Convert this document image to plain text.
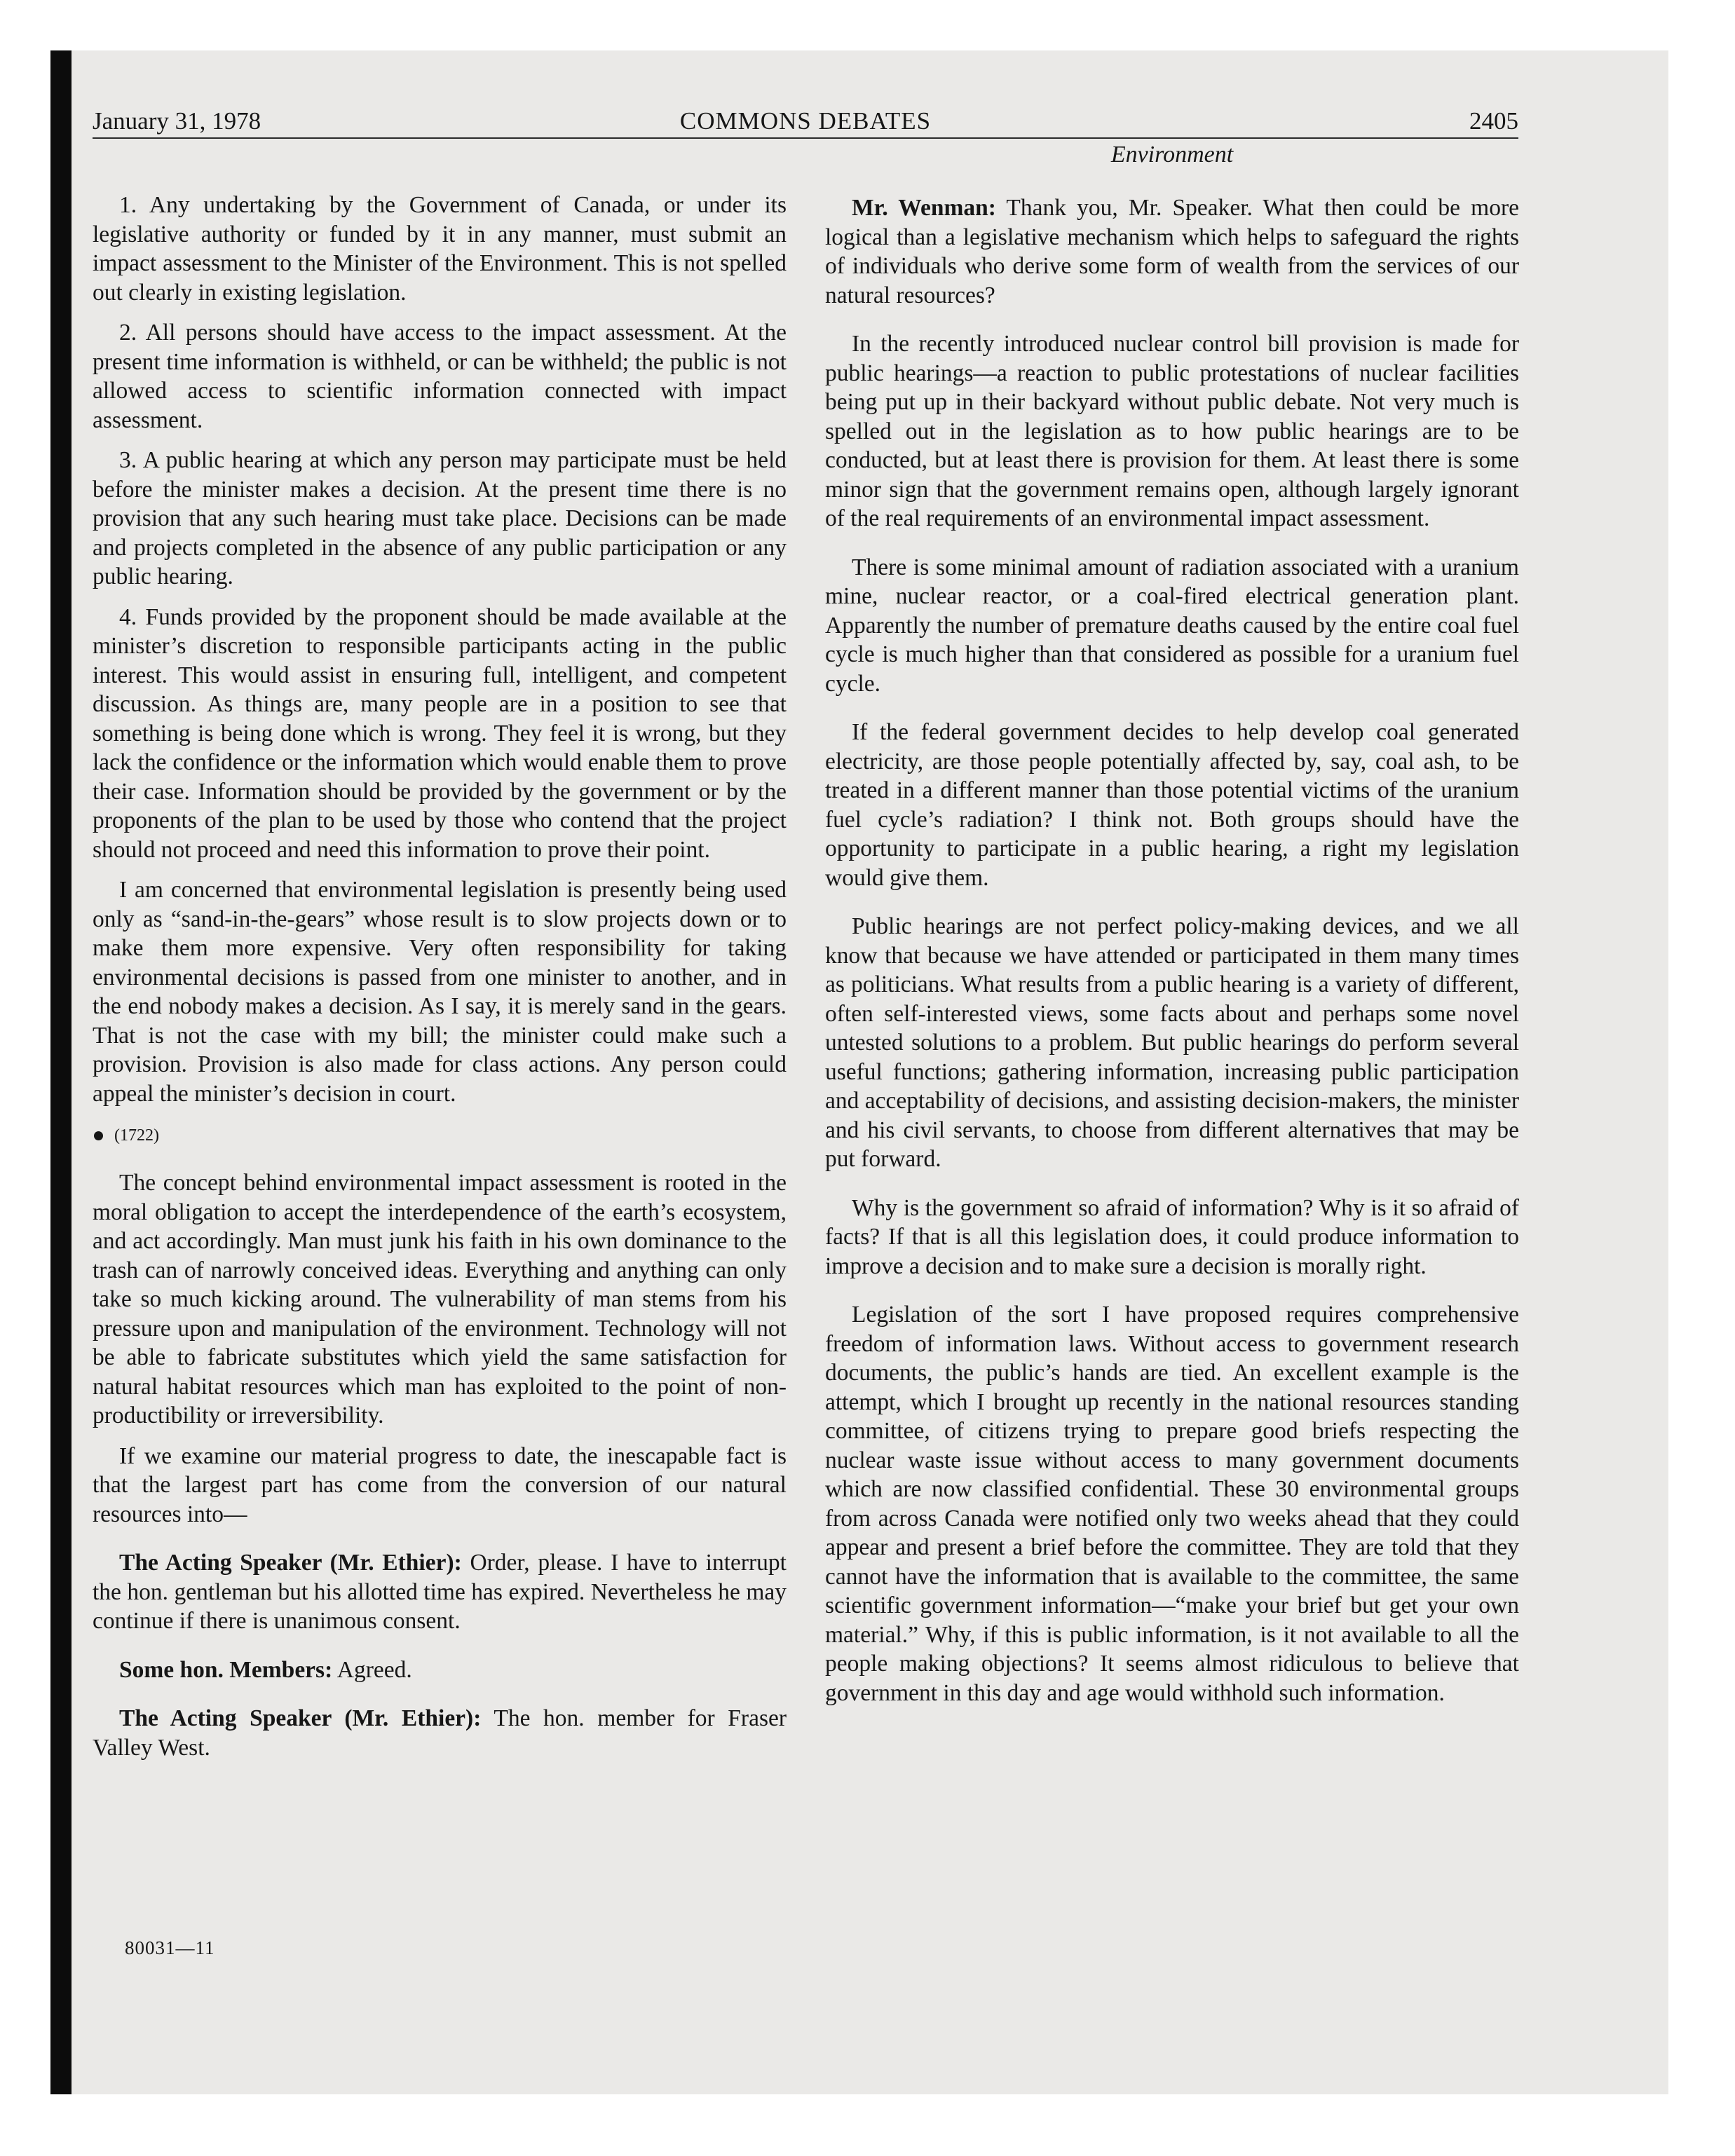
January 31, 1978	COMMONS DEBATES	2405

1. Any undertaking by the Government of Canada, or under its legislative authority or funded by it in any manner, must submit an impact assessment to the Minister of the Environment. This is not spelled out clearly in existing legislation.

2. All persons should have access to the impact assessment. At the present time information is withheld, or can be withheld; the public is not allowed access to scientific information connected with impact assessment.

3. A public hearing at which any person may participate must be held before the minister makes a decision. At the present time there is no provision that any such hearing must take place. Decisions can be made and projects completed in the absence of any public participation or any public hearing.

4. Funds provided by the proponent should be made available at the minister’s discretion to responsible participants acting in the public interest. This would assist in ensuring full, intelligent, and competent discussion. As things are, many people are in a position to see that something is being done which is wrong. They feel it is wrong, but they lack the confidence or the information which would enable them to prove their case. Information should be provided by the government or by the proponents of the plan to be used by those who contend that the project should not proceed and need this information to prove their point.

I am concerned that environmental legislation is presently being used only as “sand-in-the-gears” whose result is to slow projects down or to make them more expensive. Very often responsibility for taking environmental decisions is passed from one minister to another, and in the end nobody makes a decision. As I say, it is merely sand in the gears. That is not the case with my bill; the minister could make such a provision. Provision is also made for class actions. Any person could appeal the minister’s decision in court.

(1722)

The concept behind environmental impact assessment is rooted in the moral obligation to accept the interdependence of the earth’s ecosystem, and act accordingly. Man must junk his faith in his own dominance to the trash can of narrowly conceived ideas. Everything and anything can only take so much kicking around. The vulnerability of man stems from his pressure upon and manipulation of the environment. Technology will not be able to fabricate substitutes which yield the same satisfaction for natural habitat resources which man has exploited to the point of non-productibility or irreversibility.

If we examine our material progress to date, the inescapable fact is that the largest part has come from the conversion of our natural resources into—

The Acting Speaker (Mr. Ethier): Order, please. I have to interrupt the hon. gentleman but his allotted time has expired. Nevertheless he may continue if there is unanimous consent.

Some hon. Members: Agreed.

The Acting Speaker (Mr. Ethier): The hon. member for Fraser Valley West.

Environment

Mr. Wenman: Thank you, Mr. Speaker. What then could be more logical than a legislative mechanism which helps to safeguard the rights of individuals who derive some form of wealth from the services of our natural resources?

In the recently introduced nuclear control bill provision is made for public hearings—a reaction to public protestations of nuclear facilities being put up in their backyard without public debate. Not very much is spelled out in the legislation as to how public hearings are to be conducted, but at least there is provision for them. At least there is some minor sign that the government remains open, although largely ignorant of the real requirements of an environmental impact assessment.

There is some minimal amount of radiation associated with a uranium mine, nuclear reactor, or a coal-fired electrical generation plant. Apparently the number of premature deaths caused by the entire coal fuel cycle is much higher than that considered as possible for a uranium fuel cycle.

If the federal government decides to help develop coal generated electricity, are those people potentially affected by, say, coal ash, to be treated in a different manner than those potential victims of the uranium fuel cycle’s radiation? I think not. Both groups should have the opportunity to participate in a public hearing, a right my legislation would give them.

Public hearings are not perfect policy-making devices, and we all know that because we have attended or participated in them many times as politicians. What results from a public hearing is a variety of different, often self-interested views, some facts about and perhaps some novel untested solutions to a problem. But public hearings do perform several useful functions; gathering information, increasing public participation and acceptability of decisions, and assisting decision-makers, the minister and his civil servants, to choose from different alternatives that may be put forward.

Why is the government so afraid of information? Why is it so afraid of facts? If that is all this legislation does, it could produce information to improve a decision and to make sure a decision is morally right.

Legislation of the sort I have proposed requires comprehensive freedom of information laws. Without access to government research documents, the public’s hands are tied. An excellent example is the attempt, which I brought up recently in the national resources standing committee, of citizens trying to prepare good briefs respecting the nuclear waste issue without access to many government documents which are now classified confidential. These 30 environmental groups from across Canada were notified only two weeks ahead that they could appear and present a brief before the committee. They are told that they cannot have the information that is available to the committee, the same scientific government information—“make your brief but get your own material.” Why, if this is public information, is it not available to all the people making objections? It seems almost ridiculous to believe that government in this day and age would withhold such information.

80031—11
